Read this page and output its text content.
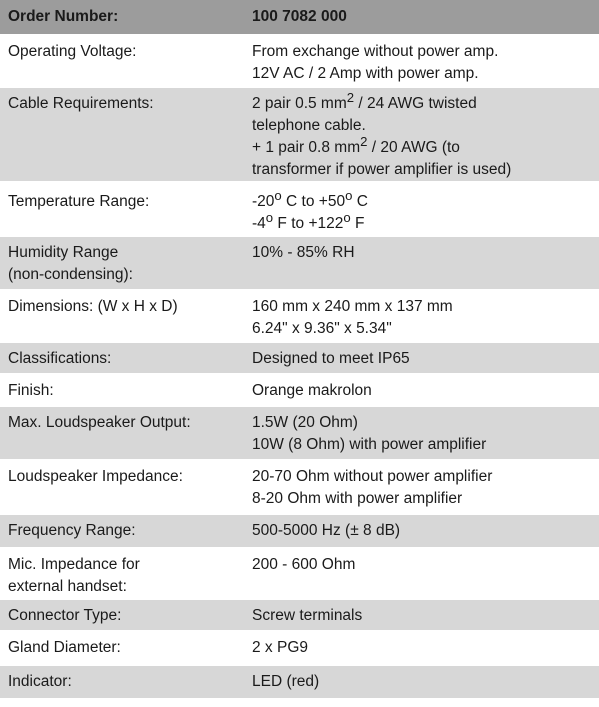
Order Number:	100 7082 000
Operating Voltage:	From exchange without power amp.
12V AC / 2 Amp with power amp.

Cable Requirements:	2 pair 0.5 mm2 / 24 AWG twisted
telephone cable.
+ 1 pair 0.8 mm2 / 20 AWG (to
transformer if power amplifier is used)

Temperature Range:	-20o C to +50o C
-4o F to +122o F

Humidity Range
(non-condensing):	10% - 85% RH
Dimensions: (W x H x D)	160 mm x 240 mm x 137 mm
6.24" x 9.36" x 5.34"

Classifications:	Designed to meet IP65
Finish:	Orange makrolon
Max. Loudspeaker Output:	1.5W (20 Ohm)
10W (8 Ohm) with power amplifier

Loudspeaker Impedance:	20-70 Ohm without power amplifier
8-20 Ohm with power amplifier

Frequency Range:	500-5000 Hz (± 8 dB)

Mic. Impedance for
external handset:	200 - 600 Ohm
Connector Type:	Screw terminals
Gland Diameter:	2 x PG9
Indicator:	LED (red)
